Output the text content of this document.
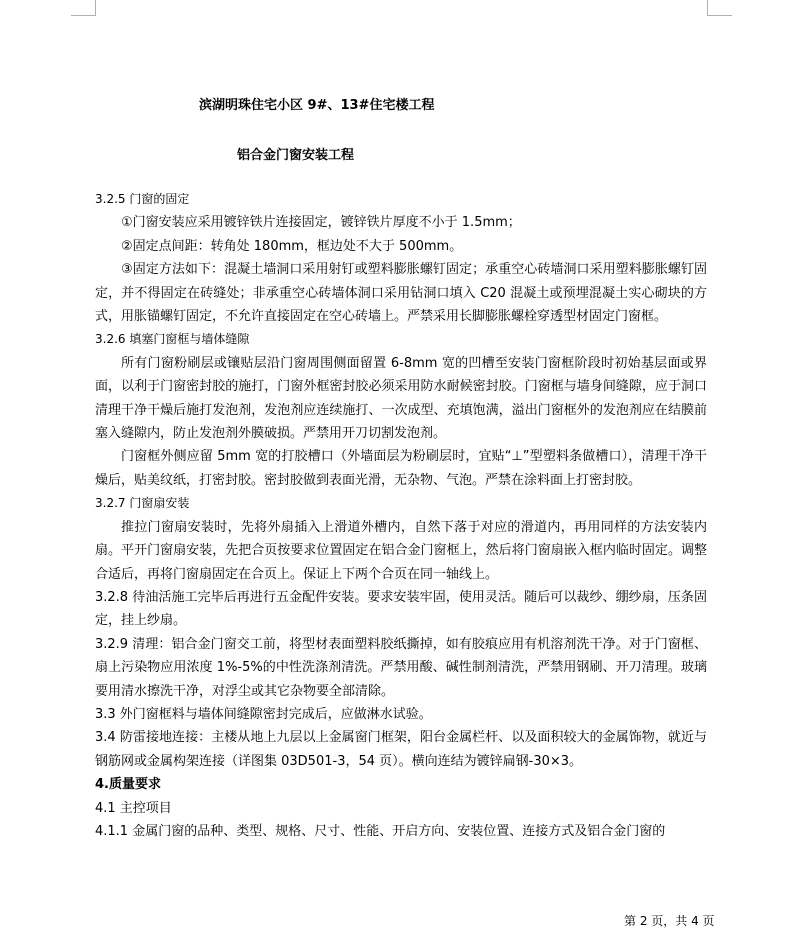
滨湖明珠住宅小区 9#、13#住宅楼工程
铝合金门窗安装工程

3.2.5 门窗的固定

①门窗安装应采用镀锌铁片连接固定，镀锌铁片厚度不小于 1.5mm；

②固定点间距：转角处 180mm，框边处不大于 500mm。

③固定方法如下：混凝土墙洞口采用射钉或塑料膨胀螺钉固定；承重空心砖墙洞口采用塑料膨胀螺钉固定，并不得固定在砖缝处；非承重空心砖墙体洞口采用钻洞口填入 C20 混凝土或预埋混凝土实心砌块的方式，用胀锚螺钉固定，不允许直接固定在空心砖墙上。严禁采用长脚膨胀螺栓穿透型材固定门窗框。

3.2.6 填塞门窗框与墙体缝隙

所有门窗粉刷层或镶贴层沿门窗周围侧面留置 6-8mm 宽的凹槽至安装门窗框阶段时初始基层面或界面，以利于门窗密封胶的施打，门窗外框密封胶必须采用防水耐候密封胶。门窗框与墙身间缝隙，应于洞口清理干净干燥后施打发泡剂，发泡剂应连续施打、一次成型、充填饱满，溢出门窗框外的发泡剂应在结膜前塞入缝隙内，防止发泡剂外膜破损。严禁用开刀切割发泡剂。

门窗框外侧应留 5mm 宽的打胶槽口（外墙面层为粉刷层时，宜贴“⊥”型塑料条做槽口），清理干净干燥后，贴美纹纸，打密封胶。密封胶做到表面光滑，无杂物、气泡。严禁在涂料面上打密封胶。

3.2.7 门窗扇安装

推拉门窗扇安装时，先将外扇插入上滑道外槽内，自然下落于对应的滑道内，再用同样的方法安装内扇。平开门窗扇安装，先把合页按要求位置固定在铝合金门窗框上，然后将门窗扇嵌入框内临时固定。调整合适后，再将门窗扇固定在合页上。保证上下两个合页在同一轴线上。

3.2.8 待油活施工完毕后再进行五金配件安装。要求安装牢固，使用灵活。随后可以裁纱、绷纱扇，压条固定，挂上纱扇。

3.2.9 清理：铝合金门窗交工前，将型材表面塑料胶纸撕掉，如有胶痕应用有机溶剂洗干净。对于门窗框、扇上污染物应用浓度 1%-5%的中性洗涤剂清洗。严禁用酸、碱性制剂清洗，严禁用钢刷、开刀清理。玻璃要用清水擦洗干净，对浮尘或其它杂物要全部清除。

3.3 外门窗框料与墙体间缝隙密封完成后，应做淋水试验。

3.4 防雷接地连接：主楼从地上九层以上金属窗门框架，阳台金属栏杆、以及面积较大的金属饰物，就近与钢筋网或金属构架连接（详图集 03D501-3，54 页）。横向连结为镀锌扁钢-30×3。

4.质量要求

4.1 主控项目

4.1.1 金属门窗的品种、类型、规格、尺寸、性能、开启方向、安装位置、连接方式及铝合金门窗的

第 2 页，共 4 页
